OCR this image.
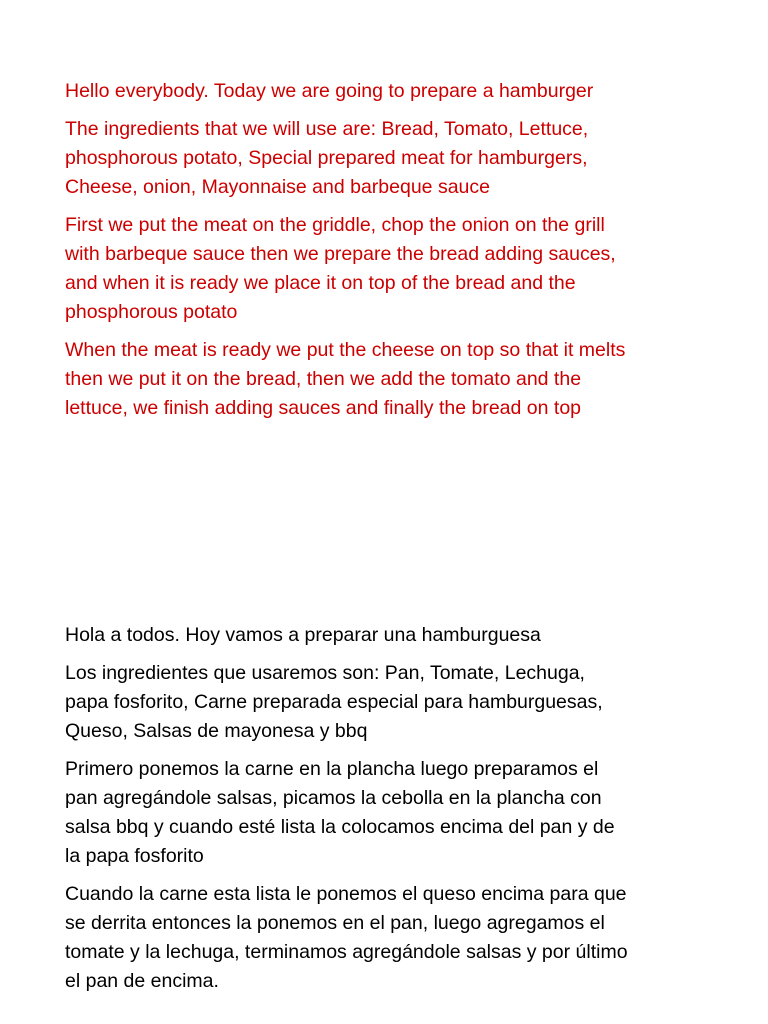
Hello everybody. Today we are going to prepare a hamburger

The ingredients that we will use are: Bread, Tomato, Lettuce,
phosphorous potato, Special prepared meat for hamburgers,
Cheese, onion, Mayonnaise and barbeque sauce

First we put the meat on the griddle, chop the onion on the grill
with barbeque sauce then we prepare the bread adding sauces,
and when it is ready we place it on top of the bread and the
phosphorous potato

When the meat is ready we put the cheese on top so that it melts
then we put it on the bread, then we add the tomato and the
lettuce, we finish adding sauces and finally the bread on top

Hola a todos. Hoy vamos a preparar una hamburguesa

Los ingredientes que usaremos son: Pan, Tomate, Lechuga,
papa fosforito, Carne preparada especial para hamburguesas,
Queso, Salsas de mayonesa y bbq

Primero ponemos la carne en la plancha luego preparamos el
pan agregándole salsas, picamos la cebolla en la plancha con
salsa bbq y cuando esté lista la colocamos encima del pan y de
la papa fosforito

Cuando la carne esta lista le ponemos el queso encima para que
se derrita entonces la ponemos en el pan, luego agregamos el
tomate y la lechuga, terminamos agregándole salsas y por último
el pan de encima.
